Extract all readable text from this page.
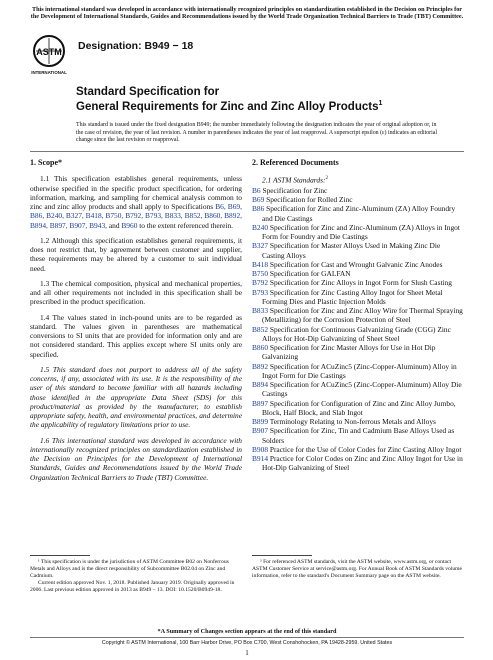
This international standard was developed in accordance with internationally recognized principles on standardization established in the Decision on Principles for the Development of International Standards, Guides and Recommendations issued by the World Trade Organization Technical Barriers to Trade (TBT) Committee.
ASTM
INTERNATIONAL
Designation: B949 − 18
Standard Specification for
General Requirements for Zinc and Zinc Alloy Products$^1$
This standard is issued under the fixed designation B949; the number immediately following the designation indicates the year of original adoption or, in the case of revision, the year of last revision. A number in parentheses indicates the year of last reapproval. A superscript epsilon (ε) indicates an editorial change since the last revision or reapproval.
1. Scope*

1.1 This specification establishes general requirements, unless otherwise specified in the specific product specification, for ordering information, marking, and sampling for chemical analysis common to zinc and zinc alloy products and shall apply to Specifications B6, B69, B86, B240, B327, B418, B750, B792, B793, B833, B852, B860, B892, B894, B897, B907, B943, and B960 to the extent referenced therein.

1.2 Although this specification establishes general requirements, it does not restrict that, by agreement between customer and supplier, these requirements may be altered by a customer to suit individual need.

1.3 The chemical composition, physical and mechanical properties, and all other requirements not included in this specification shall be prescribed in the product specification.

1.4 The values stated in inch-pound units are to be regarded as standard. The values given in parentheses are mathematical conversions to SI units that are provided for information only and are not considered standard. This applies except where SI units only are specified.

1.5 This standard does not purport to address all of the safety concerns, if any, associated with its use. It is the responsibility of the user of this standard to become familiar with all hazards including those identified in the appropriate Data Sheet (SDS) for this product/material as provided by the manufacturer, to establish appropriate safety, health, and environmental practices, and determine the applicability of regulatory limitations prior to use.

1.6 This international standard was developed in accordance with internationally recognized principles on standardization established in the Decision on Principles for the Development of International Standards, Guides and Recommendations issued by the World Trade Organization Technical Barriers to Trade (TBT) Committee.

2. Referenced Documents
2.1 ASTM Standards:$^2$
B6 Specification for Zinc
B69 Specification for Rolled Zinc
B86 Specification for Zinc and Zinc-Aluminum (ZA) Alloy Foundry and Die Castings
B240 Specification for Zinc and Zinc-Aluminum (ZA) Alloys in Ingot Form for Foundry and Die Castings
B327 Specification for Master Alloys Used in Making Zinc Die Casting Alloys
B418 Specification for Cast and Wrought Galvanic Zinc Anodes
B750 Specification for GALFAN
B792 Specification for Zinc Alloys in Ingot Form for Slush Casting
B793 Specification for Zinc Casting Alloy Ingot for Sheet Metal Forming Dies and Plastic Injection Molds
B833 Specification for Zinc and Zinc Alloy Wire for Thermal Spraying (Metallizing) for the Corrosion Protection of Steel
B852 Specification for Continuous Galvanizing Grade (CGG) Zinc Alloys for Hot-Dip Galvanizing of Sheet Steel
B860 Specification for Zinc Master Alloys for Use in Hot Dip Galvanizing
B892 Specification for ACuZinc5 (Zinc-Copper-Aluminum) Alloy in Ingot Form for Die Castings
B894 Specification for ACuZinc5 (Zinc-Copper-Aluminum) Alloy Die Castings
B897 Specification for Configuration of Zinc and Zinc Alloy Jumbo, Block, Half Block, and Slab Ingot
B899 Terminology Relating to Non-ferrous Metals and Alloys
B907 Specification for Zinc, Tin and Cadmium Base Alloys Used as Solders
B908 Practice for the Use of Color Codes for Zinc Casting Alloy Ingot
B914 Practice for Color Codes on Zinc and Zinc Alloy Ingot for Use in Hot-Dip Galvanizing of Steel
¹ This specification is under the jurisdiction of ASTM Committee B02 on Nonferrous Metals and Alloys and is the direct responsibility of Subcommittee B02.04 on Zinc and Cadmium.
Current edition approved Nov. 1, 2018. Published January 2019. Originally approved in 2006. Last previous edition approved in 2013 as B949 – 13. DOI: 10.1520/B0949-18.
² For referenced ASTM standards, visit the ASTM website, www.astm.org, or contact ASTM Customer Service at service@astm.org. For Annual Book of ASTM Standards volume information, refer to the standard's Document Summary page on the ASTM website.
*A Summary of Changes section appears at the end of this standard
Copyright © ASTM International, 100 Barr Harbor Drive, PO Box C700, West Conshohocken, PA 19428-2959. United States
1
